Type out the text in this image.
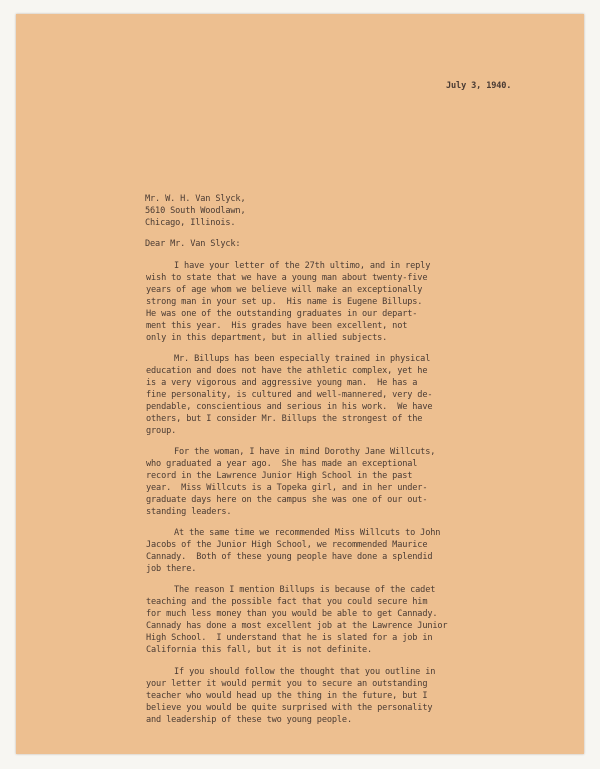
July 3, 1940.
Mr. W. H. Van Slyck,
5610 South Woodlawn,
Chicago, Illinois.
Dear Mr. Van Slyck:
I have your letter of the 27th ultimo, and in reply
wish to state that we have a young man about twenty-five
years of age whom we believe will make an exceptionally
strong man in your set up.  His name is Eugene Billups.
He was one of the outstanding graduates in our depart-
ment this year.  His grades have been excellent, not
only in this department, but in allied subjects.
Mr. Billups has been especially trained in physical
education and does not have the athletic complex, yet he
is a very vigorous and aggressive young man.  He has a
fine personality, is cultured and well-mannered, very de-
pendable, conscientious and serious in his work.  We have
others, but I consider Mr. Billups the strongest of the
group.
For the woman, I have in mind Dorothy Jane Willcuts,
who graduated a year ago.  She has made an exceptional
record in the Lawrence Junior High School in the past
year.  Miss Willcuts is a Topeka girl, and in her under-
graduate days here on the campus she was one of our out-
standing leaders.
At the same time we recommended Miss Willcuts to John
Jacobs of the Junior High School, we recommended Maurice
Cannady.  Both of these young people have done a splendid
job there.
The reason I mention Billups is because of the cadet
teaching and the possible fact that you could secure him
for much less money than you would be able to get Cannady.
Cannady has done a most excellent job at the Lawrence Junior
High School.  I understand that he is slated for a job in
California this fall, but it is not definite.
If you should follow the thought that you outline in
your letter it would permit you to secure an outstanding
teacher who would head up the thing in the future, but I
believe you would be quite surprised with the personality
and leadership of these two young people.
